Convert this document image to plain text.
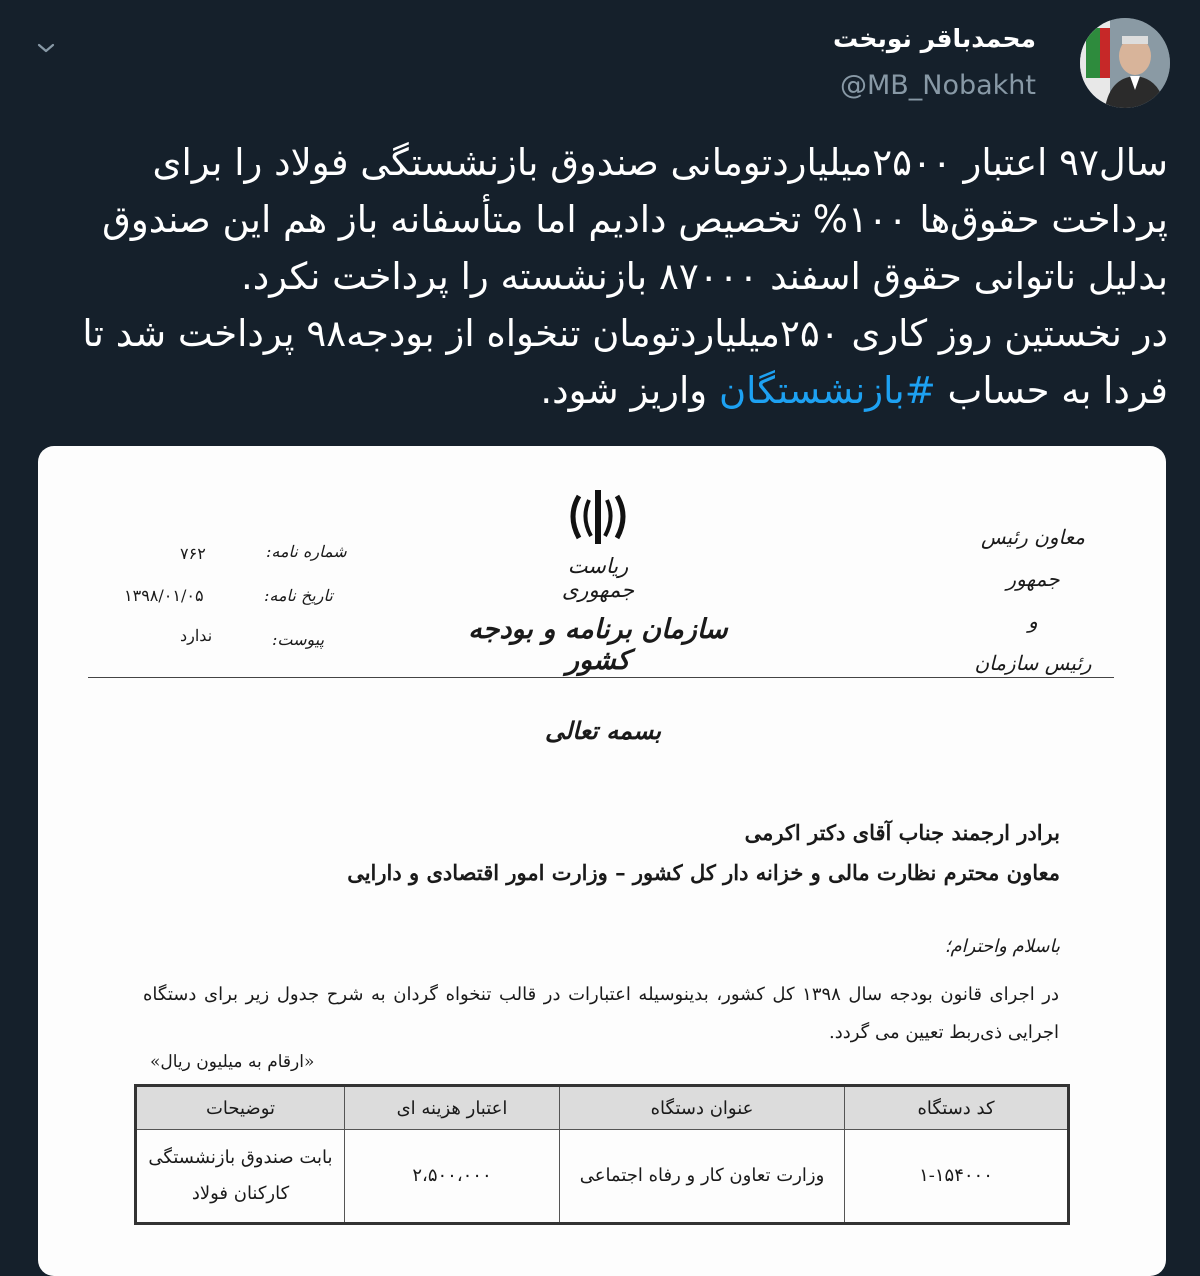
محمدباقر نوبخت
@MB_Nobakht
سال۹۷ اعتبار ۲۵۰۰میلیاردتومانی صندوق بازنشستگی فولاد را برای
پرداخت حقوق‌ها ۱۰۰% تخصیص دادیم اما متأسفانه باز هم این صندوق
بدلیل ناتوانی حقوق اسفند ۸۷۰۰۰ بازنشسته را پرداخت نکرد.
در نخستین روز کاری ۲۵۰میلیاردتومان تنخواه از بودجه۹۸ پرداخت شد تا
فردا به حساب #بازنشستگان واریز شود.
ریاست جمهوری
سازمان برنامه و بودجه کشور
معاون رئیس جمهور
و
رئیس سازمان
شماره نامه:
۷۶۲
تاریخ نامه:
۱۳۹۸/۰۱/۰۵
پیوست:
ندارد
بسمه تعالی
برادر ارجمند جناب آقای دکتر اکرمی
معاون محترم نظارت مالی و خزانه دار کل کشور – وزارت امور اقتصادی و دارایی
باسلام واحترام؛
در اجرای قانون بودجه سال ۱۳۹۸ کل کشور، بدینوسیله اعتبارات در قالب تنخواه گردان به شرح جدول زیر برای دستگاه اجرایی ذی‌ربط تعیین می گردد.
«ارقام به میلیون ریال»
کد دستگاه	عنوان دستگاه	اعتبار هزینه ای	توضیحات
۱-۱۵۴۰۰۰	وزارت تعاون کار و رفاه اجتماعی	۲،۵۰۰،۰۰۰	بابت صندوق بازنشستگی
کارکنان فولاد
